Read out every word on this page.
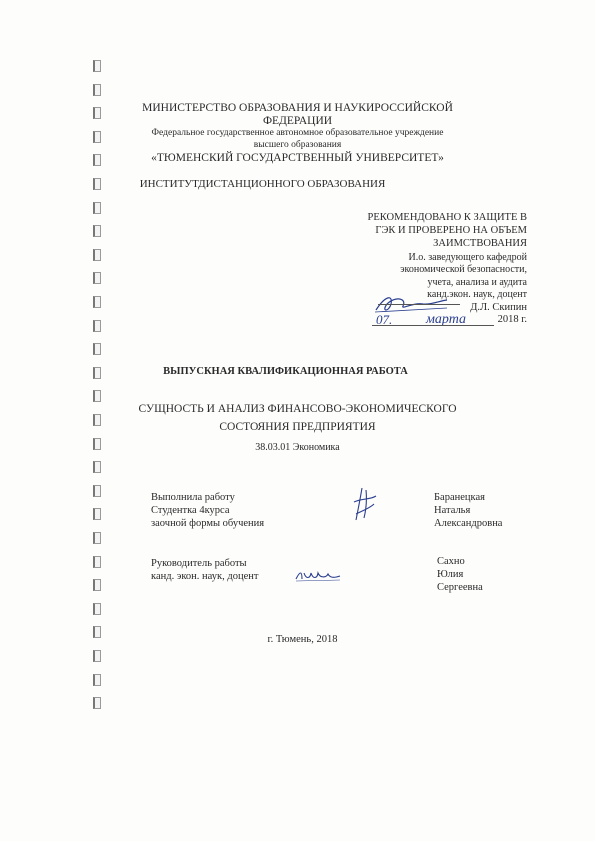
МИНИСТЕРСТВО ОБРАЗОВАНИЯ И НАУКИРОССИЙСКОЙ
ФЕДЕРАЦИИ
Федеральное государственное автономное образовательное учреждение
высшего образования
«ТЮМЕНСКИЙ ГОСУДАРСТВЕННЫЙ УНИВЕРСИТЕТ»
ИНСТИТУТДИСТАНЦИОННОГО ОБРАЗОВАНИЯ
РЕКОМЕНДОВАНО К ЗАЩИТЕ В
ГЭК И ПРОВЕРЕНО НА ОБЪЕМ
ЗАИМСТВОВАНИЯ
И.о. заведующего кафедрой
экономической безопасности,
учета, анализа и аудита
канд.экон. наук, доцент
Д.Л. Скипин
07. марта	2018 г.
ВЫПУСКНАЯ КВАЛИФИКАЦИОННАЯ РАБОТА
СУЩНОСТЬ И АНАЛИЗ ФИНАНСОВО-ЭКОНОМИЧЕСКОГО
СОСТОЯНИЯ ПРЕДПРИЯТИЯ
38.03.01 Экономика
Выполнила работу
Студентка 4курса
заочной формы обучения
Баранецкая
Наталья
Александровна
Руководитель работы
канд. экон. наук, доцент
Сахно
Юлия
Сергеевна
г. Тюмень, 2018
